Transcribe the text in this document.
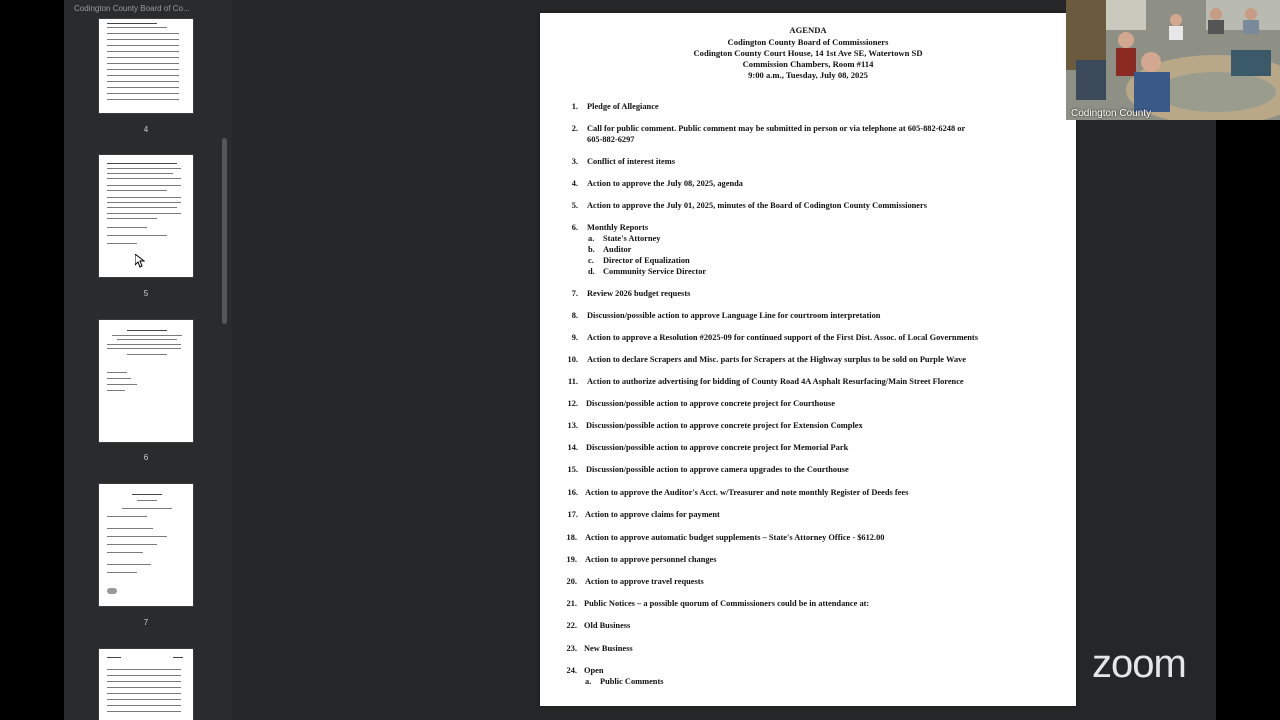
Codington County Board of Co...
4
5
6
7
AGENDA
Codington County Board of Commissioners
Codington County Court House, 14 1st Ave SE, Watertown SD
Commission Chambers, Room #114
9:00 a.m., Tuesday, July 08, 2025
1. Pledge of Allegiance
2. Call for public comment. Public comment may be submitted in person or via telephone at 605-882-6248 or
605-882-6297
3. Conflict of interest items
4. Action to approve the July 08, 2025, agenda
5. Action to approve the July 01, 2025, minutes of the Board of Codington County Commissioners
6. Monthly Reports
a. State's Attorney
b. Auditor
c. Director of Equalization
d. Community Service Director
7. Review 2026 budget requests
8. Discussion/possible action to approve Language Line for courtroom interpretation
9. Action to approve a Resolution #2025-09 for continued support of the First Dist. Assoc. of Local Governments
10. Action to declare Scrapers and Misc. parts for Scrapers at the Highway surplus to be sold on Purple Wave
11. Action to authorize advertising for bidding of County Road 4A Asphalt Resurfacing/Main Street Florence
12. Discussion/possible action to approve concrete project for Courthouse
13. Discussion/possible action to approve concrete project for Extension Complex
14. Discussion/possible action to approve concrete project for Memorial Park
15. Discussion/possible action to approve camera upgrades to the Courthouse
16. Action to approve the Auditor's Acct. w/Treasurer and note monthly Register of Deeds fees
17. Action to approve claims for payment
18. Action to approve automatic budget supplements – State's Attorney Office - $612.00
19. Action to approve personnel changes
20. Action to approve travel requests
21. Public Notices – a possible quorum of Commissioners could be in attendance at:
22. Old Business
23. New Business
24. Open
a. Public Comments
Codington County
zoom
